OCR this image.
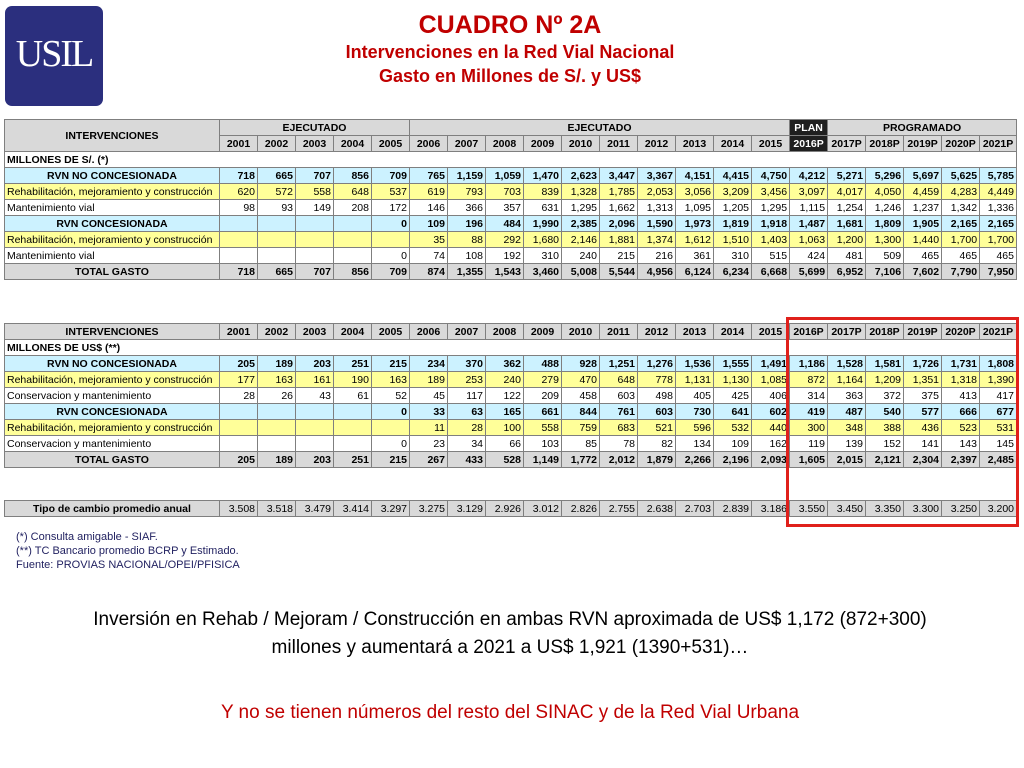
USIL
CUADRO Nº 2A
Intervenciones en la Red Vial Nacional
Gasto en Millones de S/. y US$
INTERVENCIONES	EJECUTADO					EJECUTADO										PLAN	PROGRAMADO				
	2001	2002	2003	2004	2005	2006	2007	2008	2009	2010	2011	2012	2013	2014	2015	2016P	2017P	2018P	2019P	2020P	2021P
MILLONES DE S/. (*)																					
RVN NO CONCESIONADA	718	665	707	856	709	765	1,159	1,059	1,470	2,623	3,447	3,367	4,151	4,415	4,750	4,212	5,271	5,296	5,697	5,625	5,785
Rehabilitación, mejoramiento y construcción	620	572	558	648	537	619	793	703	839	1,328	1,785	2,053	3,056	3,209	3,456	3,097	4,017	4,050	4,459	4,283	4,449
Mantenimiento vial	98	93	149	208	172	146	366	357	631	1,295	1,662	1,313	1,095	1,205	1,295	1,115	1,254	1,246	1,237	1,342	1,336
RVN CONCESIONADA					0	109	196	484	1,990	2,385	2,096	1,590	1,973	1,819	1,918	1,487	1,681	1,809	1,905	2,165	2,165
Rehabilitación, mejoramiento y construcción						35	88	292	1,680	2,146	1,881	1,374	1,612	1,510	1,403	1,063	1,200	1,300	1,440	1,700	1,700
Mantenimiento vial					0	74	108	192	310	240	215	216	361	310	515	424	481	509	465	465	465
TOTAL GASTO	718	665	707	856	709	874	1,355	1,543	3,460	5,008	5,544	4,956	6,124	6,234	6,668	5,699	6,952	7,106	7,602	7,790	7,950
INTERVENCIONES	2001	2002	2003	2004	2005	2006	2007	2008	2009	2010	2011	2012	2013	2014	2015	2016P	2017P	2018P	2019P	2020P	2021P
MILLONES DE US$ (**)																					
RVN NO CONCESIONADA	205	189	203	251	215	234	370	362	488	928	1,251	1,276	1,536	1,555	1,491	1,186	1,528	1,581	1,726	1,731	1,808
Rehabilitación, mejoramiento y construcción	177	163	161	190	163	189	253	240	279	470	648	778	1,131	1,130	1,085	872	1,164	1,209	1,351	1,318	1,390
Conservacion y mantenimiento	28	26	43	61	52	45	117	122	209	458	603	498	405	425	406	314	363	372	375	413	417
RVN CONCESIONADA					0	33	63	165	661	844	761	603	730	641	602	419	487	540	577	666	677
Rehabilitación, mejoramiento y construcción						11	28	100	558	759	683	521	596	532	440	300	348	388	436	523	531
Conservacion y mantenimiento					0	23	34	66	103	85	78	82	134	109	162	119	139	152	141	143	145
TOTAL GASTO	205	189	203	251	215	267	433	528	1,149	1,772	2,012	1,879	2,266	2,196	2,093	1,605	2,015	2,121	2,304	2,397	2,485
Tipo de cambio promedio anual	3.508	3.518	3.479	3.414	3.297	3.275	3.129	2.926	3.012	2.826	2.755	2.638	2.703	2.839	3.186	3.550	3.450	3.350	3.300	3.250	3.200
(*) Consulta amigable - SIAF.
(**) TC Bancario promedio BCRP y Estimado.
Fuente: PROVIAS NACIONAL/OPEI/PFISICA
Inversión en Rehab / Mejoram / Construcción en ambas RVN aproximada de US$ 1,172 (872+300) millones y aumentará a 2021 a US$ 1,921 (1390+531)…
Y no se tienen números del resto del SINAC y de la Red Vial Urbana
